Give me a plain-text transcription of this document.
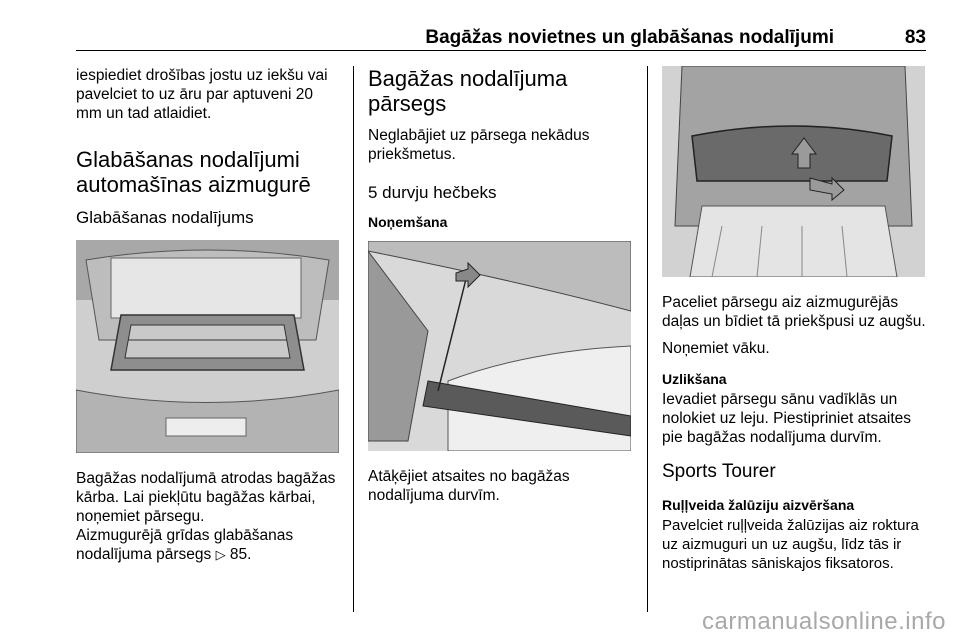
Bagāžas novietnes un glabāšanas nodalījumi	83

iespiediet drošības jostu uz iekšu vai pavelciet to uz āru par aptuveni 20 mm un tad atlaidiet.

Glabāšanas nodalījumi automašīnas aizmugurē
Glabāšanas nodalījums

Bagāžas nodalījumā atrodas bagāžas kārba. Lai piekļūtu bagāžas kārbai, noņemiet pārsegu.

Aizmugurējā grīdas glabāšanas nodalījuma pārsegs ▷ 85.

Bagāžas nodalījuma pārsegs

Neglabājiet uz pārsega nekādus priekšmetus.

5 durvju hečbeks
Noņemšana

Atāķējiet atsaites no bagāžas nodalījuma durvīm.

Paceliet pārsegu aiz aizmugurējās daļas un bīdiet tā priekšpusi uz augšu.

Noņemiet vāku.

Uzlikšana

Ievadiet pārsegu sānu vadīklās un nolokiet uz leju. Piestipriniet atsaites pie bagāžas nodalījuma durvīm.

Sports Tourer
Ruļļveida žalūziju aizvēršana

Pavelciet ruļļveida žalūzijas aiz roktura uz aizmuguri un uz augšu, līdz tās ir nostiprinātas sāniskajos fiksatoros.

carmanualsonline.info
